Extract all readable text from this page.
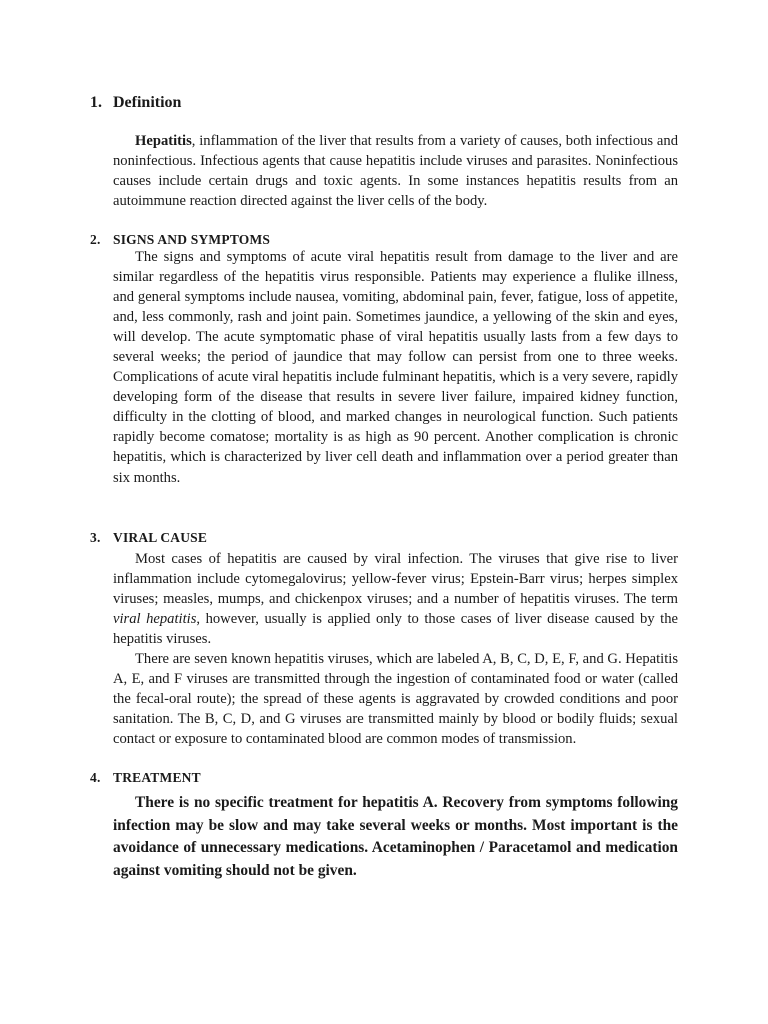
1. Definition

Hepatitis, inflammation of the liver that results from a variety of causes, both infectious and noninfectious. Infectious agents that cause hepatitis include viruses and parasites. Noninfectious causes include certain drugs and toxic agents. In some instances hepatitis results from an autoimmune reaction directed against the liver cells of the body.

2. SIGNS AND SYMPTOMS

The signs and symptoms of acute viral hepatitis result from damage to the liver and are similar regardless of the hepatitis virus responsible. Patients may experience a flulike illness, and general symptoms include nausea, vomiting, abdominal pain, fever, fatigue, loss of appetite, and, less commonly, rash and joint pain. Sometimes jaundice, a yellowing of the skin and eyes, will develop. The acute symptomatic phase of viral hepatitis usually lasts from a few days to several weeks; the period of jaundice that may follow can persist from one to three weeks. Complications of acute viral hepatitis include fulminant hepatitis, which is a very severe, rapidly developing form of the disease that results in severe liver failure, impaired kidney function, difficulty in the clotting of blood, and marked changes in neurological function. Such patients rapidly become comatose; mortality is as high as 90 percent. Another complication is chronic hepatitis, which is characterized by liver cell death and inflammation over a period greater than six months.

3. VIRAL CAUSE

Most cases of hepatitis are caused by viral infection. The viruses that give rise to liver inflammation include cytomegalovirus; yellow-fever virus; Epstein-Barr virus; herpes simplex viruses; measles, mumps, and chickenpox viruses; and a number of hepatitis viruses. The term viral hepatitis, however, usually is applied only to those cases of liver disease caused by the hepatitis viruses.

There are seven known hepatitis viruses, which are labeled A, B, C, D, E, F, and G. Hepatitis A, E, and F viruses are transmitted through the ingestion of contaminated food or water (called the fecal-oral route); the spread of these agents is aggravated by crowded conditions and poor sanitation. The B, C, D, and G viruses are transmitted mainly by blood or bodily fluids; sexual contact or exposure to contaminated blood are common modes of transmission.

4. TREATMENT

There is no specific treatment for hepatitis A. Recovery from symptoms following infection may be slow and may take several weeks or months. Most important is the avoidance of unnecessary medications. Acetaminophen / Paracetamol and medication against vomiting should not be given.
